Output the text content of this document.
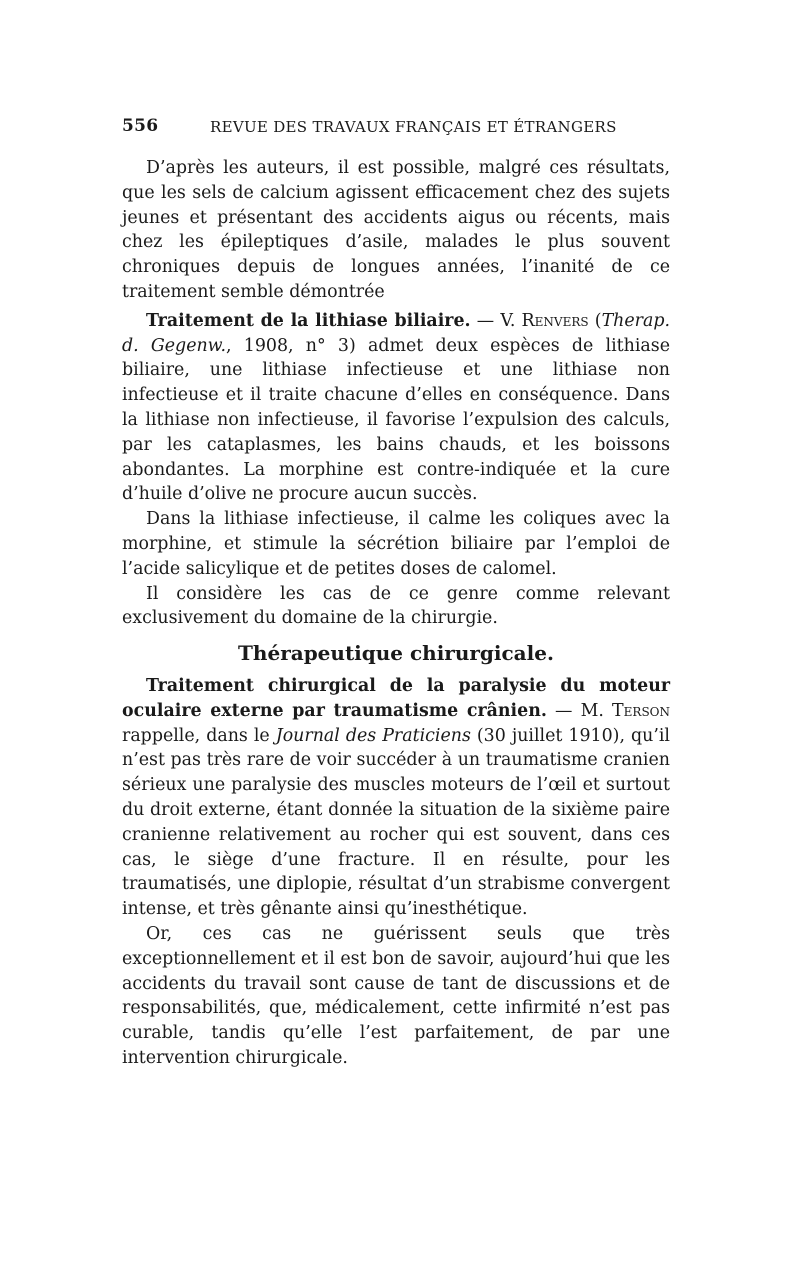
556	REVUE DES TRAVAUX FRANÇAIS ET ÉTRANGERS

D’après les auteurs, il est possible, malgré ces résultats, que les sels de calcium agissent efficacement chez des sujets jeunes et présentant des accidents aigus ou récents, mais chez les épileptiques d’asile, malades le plus souvent chroniques depuis de longues années, l’inanité de ce traitement semble démontrée

Traitement de la lithiase biliaire. — V. Renvers (Therap. d. Gegenw., 1908, n° 3) admet deux espèces de lithiase biliaire, une lithiase infectieuse et une lithiase non infectieuse et il traite chacune d’elles en conséquence. Dans la lithiase non infectieuse, il favorise l’expulsion des calculs, par les cataplasmes, les bains chauds, et les boissons abondantes. La morphine est contre-indiquée et la cure d’huile d’olive ne procure aucun succès.

Dans la lithiase infectieuse, il calme les coliques avec la morphine, et stimule la sécrétion biliaire par l’emploi de l’acide salicylique et de petites doses de calomel.

Il considère les cas de ce genre comme relevant exclusivement du domaine de la chirurgie.

Thérapeutique chirurgicale.

Traitement chirurgical de la paralysie du moteur oculaire externe par traumatisme crânien. — M. Terson rappelle, dans le Journal des Praticiens (30 juillet 1910), qu’il n’est pas très rare de voir succéder à un traumatisme cranien sérieux une paralysie des muscles moteurs de l’œil et surtout du droit externe, étant donnée la situation de la sixième paire cranienne relativement au rocher qui est souvent, dans ces cas, le siège d’une fracture. Il en résulte, pour les traumatisés, une diplopie, résultat d’un strabisme convergent intense, et très gênante ainsi qu’inesthétique.

Or, ces cas ne guérissent seuls que très exceptionnellement et il est bon de savoir, aujourd’hui que les accidents du travail sont cause de tant de discussions et de responsabilités, que, médicalement, cette infirmité n’est pas curable, tandis qu’elle l’est parfaitement, de par une intervention chirurgicale.
